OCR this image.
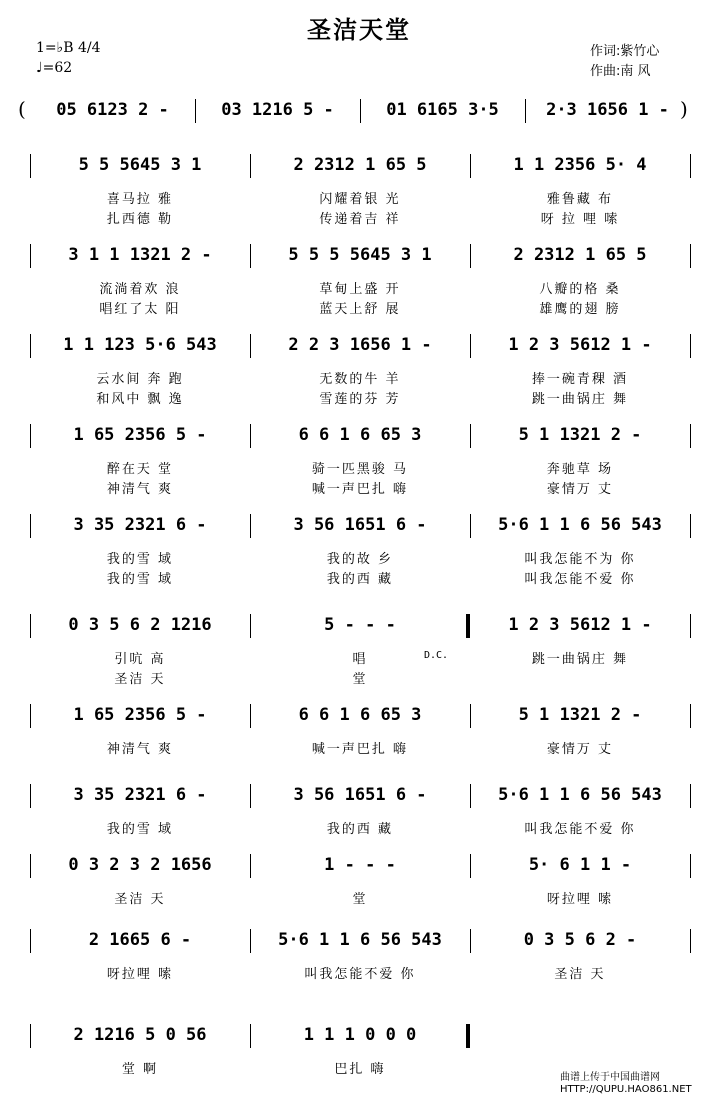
圣洁天堂
1=♭B 4/4
♩=62
作词:紫竹心
作曲:南 风
(	)
05 6123 2 -	03 1216 5 -	01 6165 3·5	2·3 1656 1 -
5 5 5645 3 1	2 2312 1 65 5	1 1 2356 5· 4
喜马拉 雅	闪耀着银 光	雅鲁藏 布
扎西德 勒	传递着吉 祥	呀 拉 哩 嗦
3 1 1 1321 2 -	5 5 5 5645 3 1	2 2312 1 65 5
流淌着欢 浪	草甸上盛 开	八瓣的格 桑
唱红了太 阳	蓝天上舒 展	雄鹰的翅 膀
1 1 123 5·6 543	2 2 3 1656 1 -	1 2 3 5612 1 -
云水间 奔 跑	无数的牛 羊	捧一碗青稞 酒
和风中 飘 逸	雪莲的芬 芳	跳一曲锅庄 舞
1 65 2356 5 -	6 6 1 6 65 3	5 1 1321 2 -
醉在天 堂	骑一匹黑骏 马	奔驰草 场
神清气 爽	喊一声巴扎 嗨	豪情万 丈
3 35 2321 6 -	3 56 1651 6 -	5·6 1 1 6 56 543
我的雪 域	我的故 乡	叫我怎能不为 你
我的雪 域	我的西 藏	叫我怎能不爱 你
0 3 5 6 2 1216	5 - - -	1 2 3 5612 1 -
D.C.
引吭 高	唱	跳一曲锅庄 舞
圣洁 天	堂
1 65 2356 5 -	6 6 1 6 65 3	5 1 1321 2 -
神清气 爽	喊一声巴扎 嗨	豪情万 丈
3 35 2321 6 -	3 56 1651 6 -	5·6 1 1 6 56 543
我的雪 域	我的西 藏	叫我怎能不爱 你
0 3 2 3 2 1656	1 - - -	5· 6 1 1 -
圣洁 天	堂	呀拉哩 嗦
2 1665 6 -	5·6 1 1 6 56 543	0 3 5 6 2 -
呀拉哩 嗦	叫我怎能不爱 你	圣洁 天
2 1216 5 0 56	1 1 1 0 0 0
堂 啊	巴扎 嗨
曲谱上传于中国曲谱网
HTTP://QUPU.HAO861.NET
